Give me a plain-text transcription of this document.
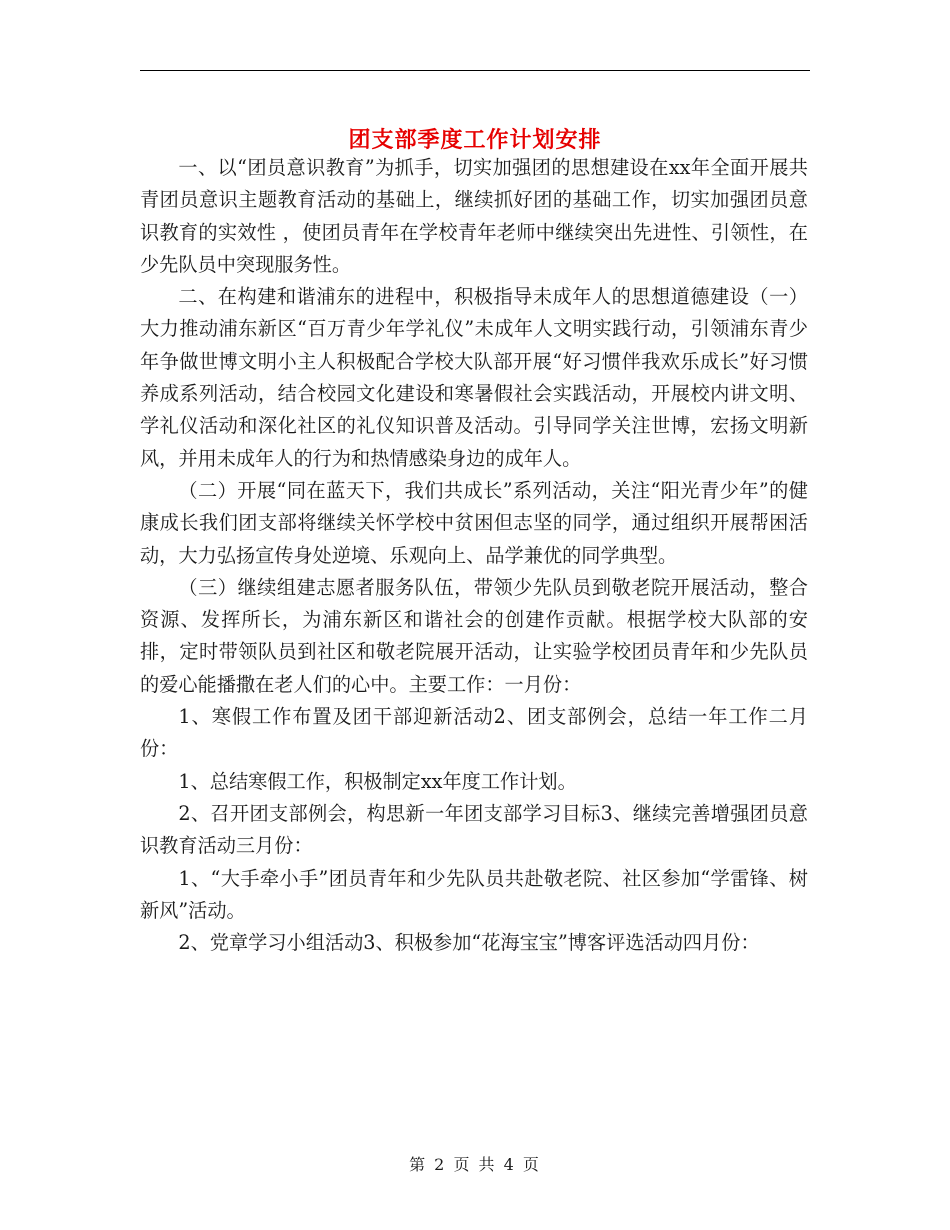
团支部季度工作计划安排

一、以“团员意识教育”为抓手，切实加强团的思想建设在xx年全面开展共青团员意识主题教育活动的基础上，继续抓好团的基础工作，切实加强团员意识教育的实效性 ，使团员青年在学校青年老师中继续突出先进性、引领性，在少先队员中突现服务性。

二、在构建和谐浦东的进程中，积极指导未成年人的思想道德建设（一）大力推动浦东新区“百万青少年学礼仪”未成年人文明实践行动，引领浦东青少年争做世博文明小主人积极配合学校大队部开展“好习惯伴我欢乐成长”好习惯养成系列活动，结合校园文化建设和寒暑假社会实践活动，开展校内讲文明、学礼仪活动和深化社区的礼仪知识普及活动。引导同学关注世博，宏扬文明新风，并用未成年人的行为和热情感染身边的成年人。

（二）开展“同在蓝天下，我们共成长”系列活动，关注“阳光青少年”的健康成长我们团支部将继续关怀学校中贫困但志坚的同学，通过组织开展帮困活动，大力弘扬宣传身处逆境、乐观向上、品学兼优的同学典型。

（三）继续组建志愿者服务队伍，带领少先队员到敬老院开展活动，整合资源、发挥所长，为浦东新区和谐社会的创建作贡献。根据学校大队部的安排，定时带领队员到社区和敬老院展开活动，让实验学校团员青年和少先队员的爱心能播撒在老人们的心中。主要工作：一月份：

1、寒假工作布置及团干部迎新活动2、团支部例会，总结一年工作二月份：

1、总结寒假工作，积极制定xx年度工作计划。

2、召开团支部例会，构思新一年团支部学习目标3、继续完善增强团员意识教育活动三月份：

1、“大手牵小手”团员青年和少先队员共赴敬老院、社区参加“学雷锋、树新风”活动。

2、党章学习小组活动3、积极参加“花海宝宝”博客评选活动四月份：

第 2 页 共 4 页
